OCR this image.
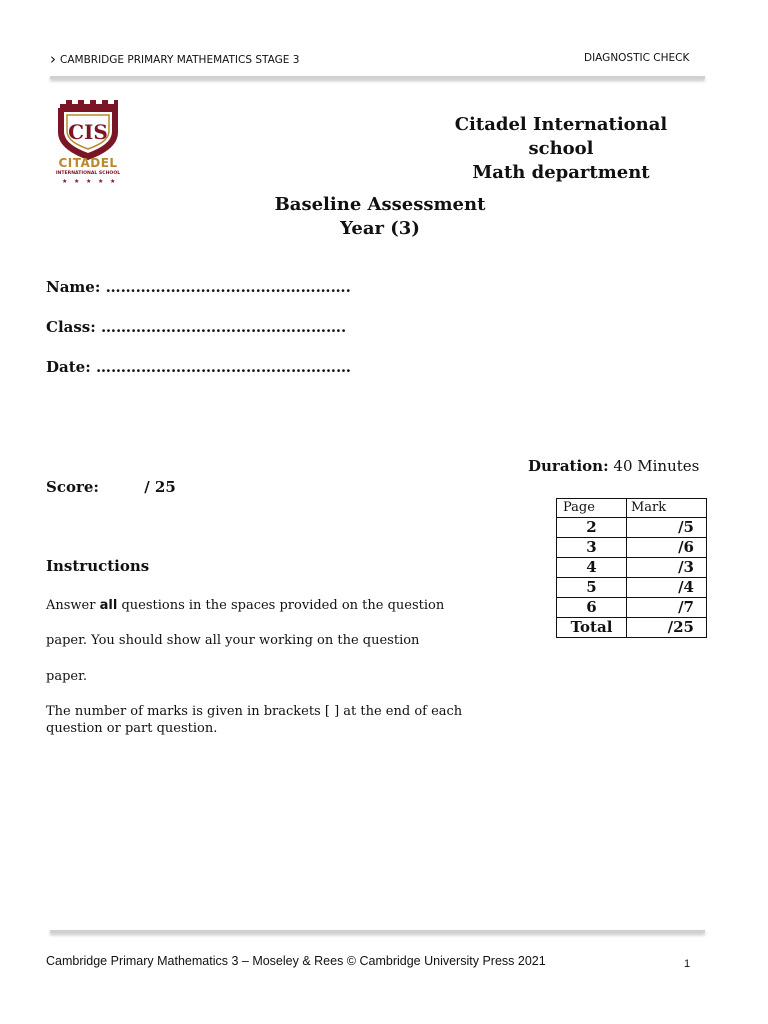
› CAMBRIDGE PRIMARY MATHEMATICS STAGE 3	DIAGNOSTIC CHECK
CIS
CITADEL
INTERNATIONAL SCHOOL
★ ★ ★ ★ ★
Citadel International school
Math department
Baseline Assessment
Year (3)
Name: ………………………………………….
Class: ………………………………………….
Date: ……………………………………………
Duration: 40 Minutes
Score:	/ 25
Page	Mark
2	/5
3	/6
4	/3
5	/4
6	/7
Total	/25
Instructions
Answer all questions in the spaces provided on the question
paper. You should show all your working on the question
paper.
The number of marks is given in brackets [ ] at the end of each question or part question.
Cambridge Primary Mathematics 3 – Moseley & Rees © Cambridge University Press 2021	1
